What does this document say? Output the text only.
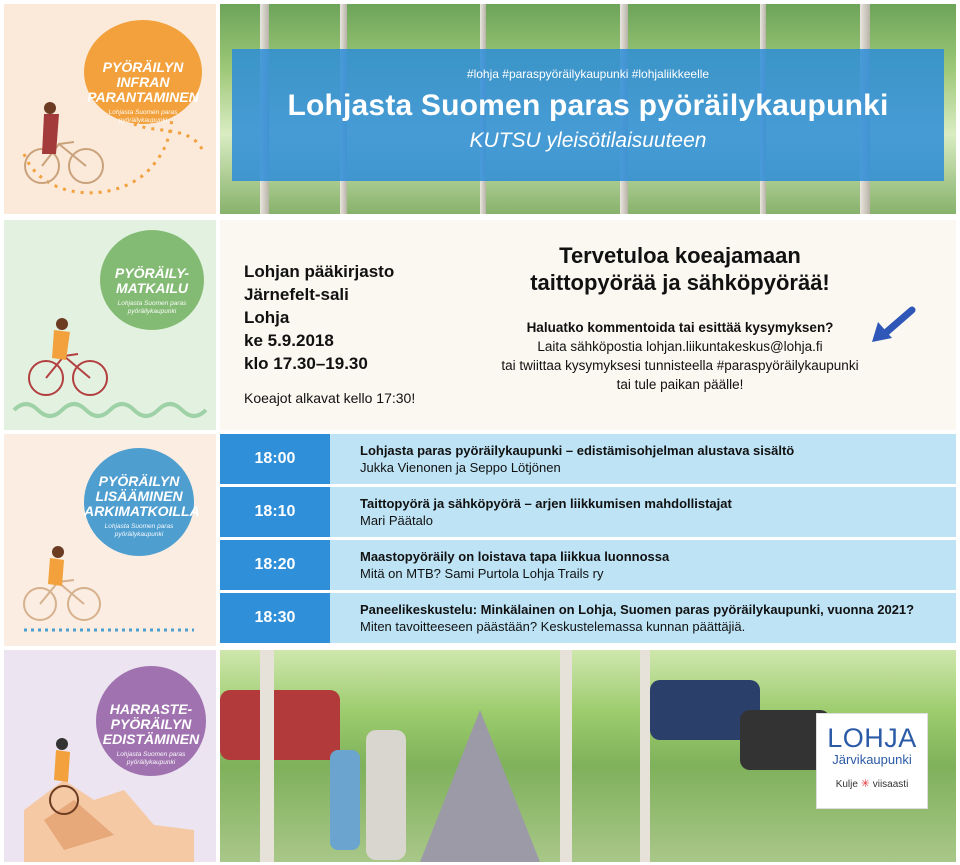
PYÖRÄILYN INFRAN PARANTAMINEN
Lohjasta Suomen paras pyöräilykaupunki
PYÖRÄILY-MATKAILU
Lohjasta Suomen paras pyöräilykaupunki
PYÖRÄILYN LISÄÄMINEN ARKIMATKOILLA
Lohjasta Suomen paras pyöräilykaupunki
HARRASTE-PYÖRÄILYN EDISTÄMINEN
Lohjasta Suomen paras pyöräilykaupunki
#lohja #paraspyöräilykaupunki #lohjaliikkeelle
Lohjasta Suomen paras pyöräilykaupunki
KUTSU yleisötilaisuuteen
Lohjan pääkirjasto
Järnefelt-sali
Lohja
ke 5.9.2018
klo 17.30–19.30
Koeajot alkavat kello 17:30!
Tervetuloa koeajamaan
taittopyörää ja sähköpyörää!
Haluatko kommentoida tai esittää kysymyksen?
Laita sähköpostia lohjan.liikuntakeskus@lohja.fi
tai twiittaa kysymyksesi tunnisteella #paraspyöräilykaupunki
tai tule paikan päälle!
18:00	Lohjasta paras pyöräilykaupunki – edistämisohjelman alustava sisältö
Jukka Vienonen ja Seppo Lötjönen
18:10	Taittopyörä ja sähköpyörä – arjen liikkumisen mahdollistajat
Mari Päätalo
18:20	Maastopyöräily on loistava tapa liikkua luonnossa
Mitä on MTB? Sami Purtola Lohja Trails ry
18:30	Paneelikeskustelu: Minkälainen on Lohja, Suomen paras pyöräilykaupunki, vuonna 2021?
Miten tavoitteeseen päästään? Keskustelemassa kunnan päättäjiä.
LOHJA
Järvikaupunki
Kulje ✳ viisaasti
